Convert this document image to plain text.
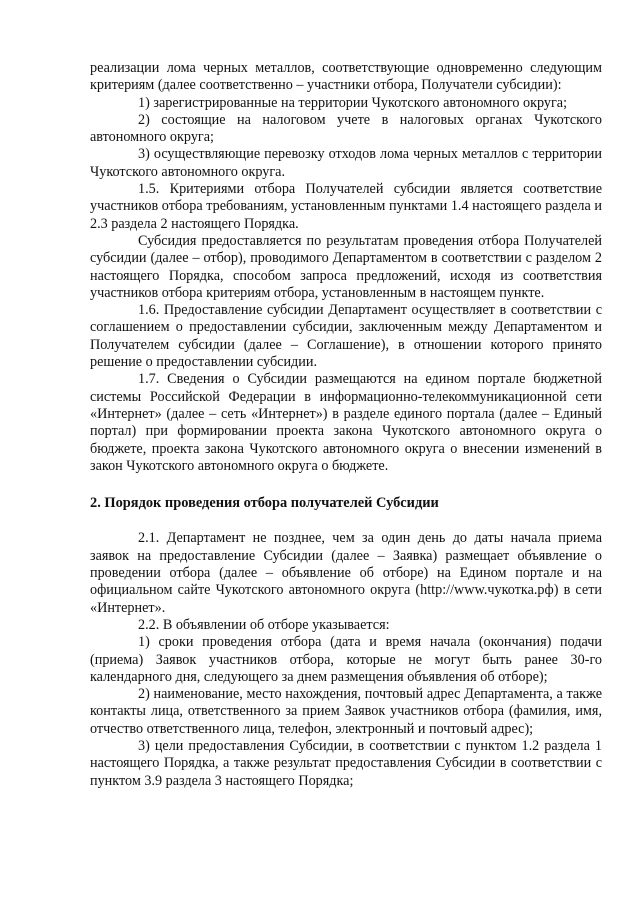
реализации лома черных металлов, соответствующие одновременно следующим критериям (далее соответственно – участники отбора, Получатели субсидии):

1) зарегистрированные на территории Чукотского автономного округа;

2) состоящие на налоговом учете в налоговых органах Чукотского автономного округа;

3) осуществляющие перевозку отходов лома черных металлов с территории Чукотского автономного округа.

1.5. Критериями отбора Получателей субсидии является соответствие участников отбора требованиям, установленным пунктами 1.4 настоящего раздела и 2.3 раздела 2 настоящего Порядка.

Субсидия предоставляется по результатам проведения отбора Получателей субсидии (далее – отбор), проводимого Департаментом в соответствии с разделом 2 настоящего Порядка, способом запроса предложений, исходя из соответствия участников отбора критериям отбора, установленным в настоящем пункте.

1.6. Предоставление субсидии Департамент осуществляет в соответствии с соглашением о предоставлении субсидии, заключенным между Департаментом и Получателем субсидии (далее – Соглашение), в отношении которого принято решение о предоставлении субсидии.

1.7. Сведения о Субсидии размещаются на едином портале бюджетной системы Российской Федерации в информационно-телекоммуникационной сети «Интернет» (далее – сеть «Интернет») в разделе единого портала (далее – Единый портал) при формировании проекта закона Чукотского автономного округа о бюджете, проекта закона Чукотского автономного округа о внесении изменений в закон Чукотского автономного округа о бюджете.

2. Порядок проведения отбора получателей Субсидии

2.1. Департамент не позднее, чем за один день до даты начала приема заявок на предоставление Субсидии (далее – Заявка) размещает объявление о проведении отбора (далее – объявление об отборе) на Едином портале и на официальном сайте Чукотского автономного округа (http://www.чукотка.рф) в сети «Интернет».

2.2. В объявлении об отборе указывается:

1) сроки проведения отбора (дата и время начала (окончания) подачи (приема) Заявок участников отбора, которые не могут быть ранее 30-го календарного дня, следующего за днем размещения объявления об отборе);

2) наименование, место нахождения, почтовый адрес Департамента, а также контакты лица, ответственного за прием Заявок участников отбора (фамилия, имя, отчество ответственного лица, телефон, электронный и почтовый адрес);

3) цели предоставления Субсидии, в соответствии с пунктом 1.2 раздела 1 настоящего Порядка, а также результат предоставления Субсидии в соответствии с пунктом 3.9 раздела 3 настоящего Порядка;
